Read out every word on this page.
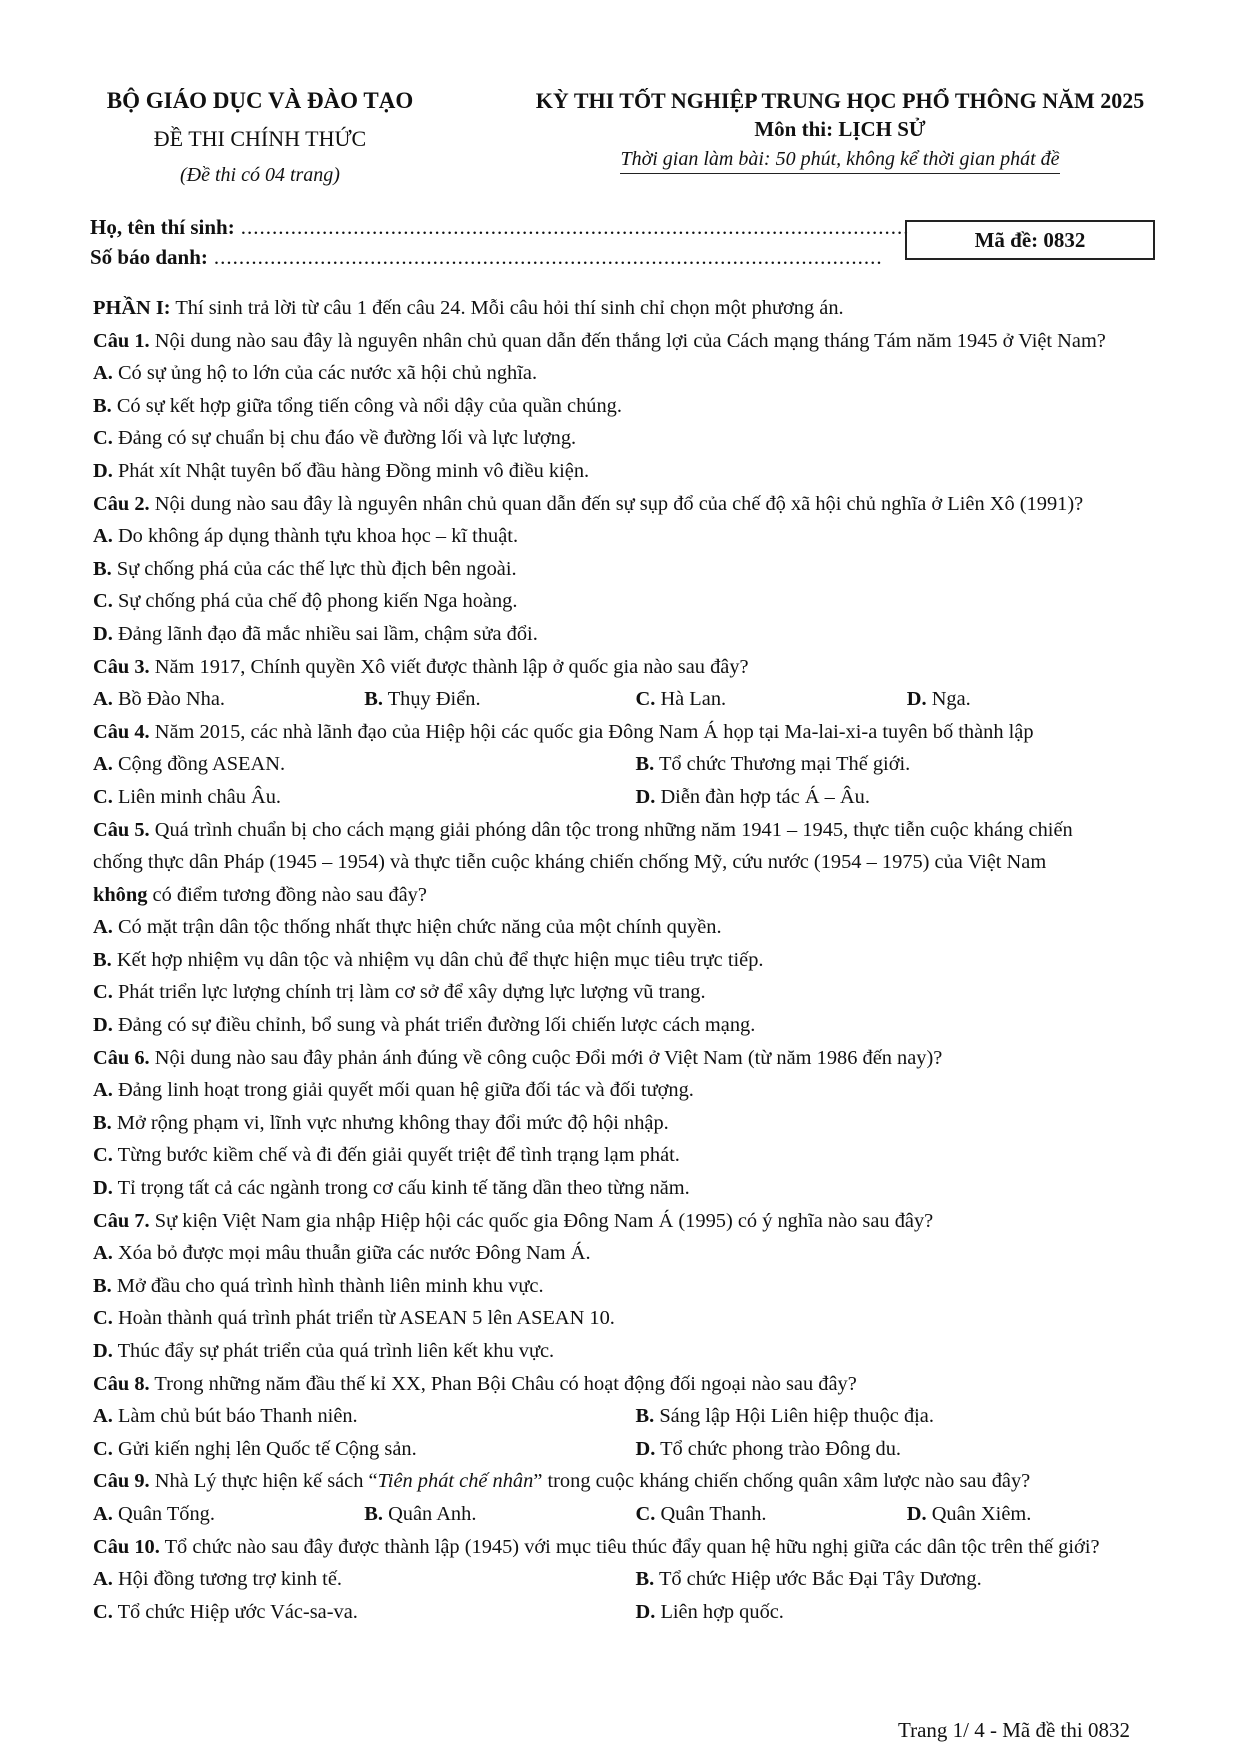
BỘ GIÁO DỤC VÀ ĐÀO TẠO
ĐỀ THI CHÍNH THỨC
(Đề thi có 04 trang)
KỲ THI TỐT NGHIỆP TRUNG HỌC PHỔ THÔNG NĂM 2025
Môn thi: LỊCH SỬ
Thời gian làm bài: 50 phút, không kể thời gian phát đề
Họ, tên thí sinh: ...........................................................................................................
Số báo danh: ...........................................................................................................
Mã đề: 0832
PHẦN I: Thí sinh trả lời từ câu 1 đến câu 24. Mỗi câu hỏi thí sinh chỉ chọn một phương án.
Câu 1. Nội dung nào sau đây là nguyên nhân chủ quan dẫn đến thắng lợi của Cách mạng tháng Tám năm 1945 ở Việt Nam?
A. Có sự ủng hộ to lớn của các nước xã hội chủ nghĩa.
B. Có sự kết hợp giữa tổng tiến công và nổi dậy của quần chúng.
C. Đảng có sự chuẩn bị chu đáo về đường lối và lực lượng.
D. Phát xít Nhật tuyên bố đầu hàng Đồng minh vô điều kiện.
Câu 2. Nội dung nào sau đây là nguyên nhân chủ quan dẫn đến sự sụp đổ của chế độ xã hội chủ nghĩa ở Liên Xô (1991)?
A. Do không áp dụng thành tựu khoa học – kĩ thuật.
B. Sự chống phá của các thế lực thù địch bên ngoài.
C. Sự chống phá của chế độ phong kiến Nga hoàng.
D. Đảng lãnh đạo đã mắc nhiều sai lầm, chậm sửa đổi.
Câu 3. Năm 1917, Chính quyền Xô viết được thành lập ở quốc gia nào sau đây?
A. Bồ Đào Nha.	B. Thụy Điển.	C. Hà Lan.	D. Nga.
Câu 4. Năm 2015, các nhà lãnh đạo của Hiệp hội các quốc gia Đông Nam Á họp tại Ma-lai-xi-a tuyên bố thành lập
A. Cộng đồng ASEAN.	B. Tổ chức Thương mại Thế giới.
C. Liên minh châu Âu.	D. Diễn đàn hợp tác Á – Âu.
Câu 5. Quá trình chuẩn bị cho cách mạng giải phóng dân tộc trong những năm 1941 – 1945, thực tiễn cuộc kháng chiến
chống thực dân Pháp (1945 – 1954) và thực tiễn cuộc kháng chiến chống Mỹ, cứu nước (1954 – 1975) của Việt Nam
không có điểm tương đồng nào sau đây?
A. Có mặt trận dân tộc thống nhất thực hiện chức năng của một chính quyền.
B. Kết hợp nhiệm vụ dân tộc và nhiệm vụ dân chủ để thực hiện mục tiêu trực tiếp.
C. Phát triển lực lượng chính trị làm cơ sở để xây dựng lực lượng vũ trang.
D. Đảng có sự điều chỉnh, bổ sung và phát triển đường lối chiến lược cách mạng.
Câu 6. Nội dung nào sau đây phản ánh đúng về công cuộc Đổi mới ở Việt Nam (từ năm 1986 đến nay)?
A. Đảng linh hoạt trong giải quyết mối quan hệ giữa đối tác và đối tượng.
B. Mở rộng phạm vi, lĩnh vực nhưng không thay đổi mức độ hội nhập.
C. Từng bước kiềm chế và đi đến giải quyết triệt để tình trạng lạm phát.
D. Tỉ trọng tất cả các ngành trong cơ cấu kinh tế tăng dần theo từng năm.
Câu 7. Sự kiện Việt Nam gia nhập Hiệp hội các quốc gia Đông Nam Á (1995) có ý nghĩa nào sau đây?
A. Xóa bỏ được mọi mâu thuẫn giữa các nước Đông Nam Á.
B. Mở đầu cho quá trình hình thành liên minh khu vực.
C. Hoàn thành quá trình phát triển từ ASEAN 5 lên ASEAN 10.
D. Thúc đẩy sự phát triển của quá trình liên kết khu vực.
Câu 8. Trong những năm đầu thế kỉ XX, Phan Bội Châu có hoạt động đối ngoại nào sau đây?
A. Làm chủ bút báo Thanh niên.	B. Sáng lập Hội Liên hiệp thuộc địa.
C. Gửi kiến nghị lên Quốc tế Cộng sản.	D. Tổ chức phong trào Đông du.
Câu 9. Nhà Lý thực hiện kế sách “Tiên phát chế nhân” trong cuộc kháng chiến chống quân xâm lược nào sau đây?
A. Quân Tống.	B. Quân Anh.	C. Quân Thanh.	D. Quân Xiêm.
Câu 10. Tổ chức nào sau đây được thành lập (1945) với mục tiêu thúc đẩy quan hệ hữu nghị giữa các dân tộc trên thế giới?
A. Hội đồng tương trợ kinh tế.	B. Tổ chức Hiệp ước Bắc Đại Tây Dương.
C. Tổ chức Hiệp ước Vác-sa-va.	D. Liên hợp quốc.
Trang 1/ 4 - Mã đề thi 0832
